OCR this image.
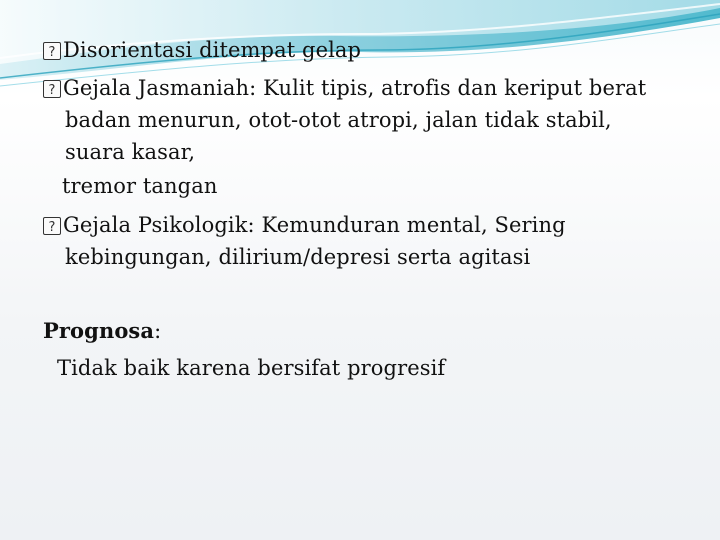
?Disorientasi ditempat gelap
?Gejala Jasmaniah: Kulit tipis, atrofis dan keriput berat
badan menurun, otot-otot atropi, jalan tidak stabil,
suara kasar,
tremor tangan
?Gejala Psikologik: Kemunduran mental, Sering
kebingungan, dilirium/depresi serta agitasi
Prognosa:
Tidak baik karena bersifat progresif
